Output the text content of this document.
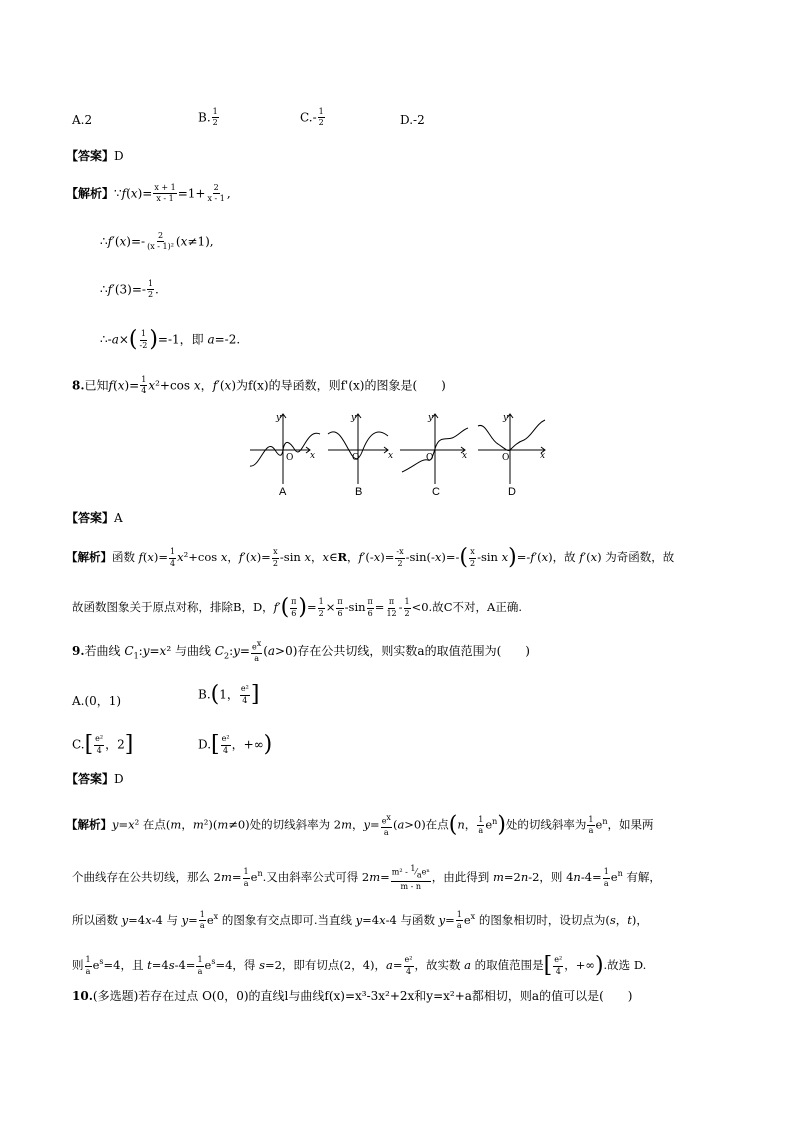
A.2	B. $\frac{1}{2}$	$C.- \frac{1}{2}$	D.-2
【答案】D
【解析】∵f(x)= $\frac{x + 1}{x - 1} =1+ \frac{2}{x - 1}$ ,
∴f′(x)=- $\frac{2}{\text{(x - 1)²}} (x\ne 1)$,
∴f′(3)=- $\frac{1}{2}$ .
∴-a×( $\frac{1}{-2} )=-1$，即 a=-2.
8.已知$f(x)= \frac{1}{4} x^2+\cos$ x，f′(x)为f(x)的导函数，则f'(x)的图象是(　　)
y
x
O
y
x
O
y
x
O
y
x
O
A	B	C	D
【答案】A
【解析】函数 $f(x)= \frac{1}{4} x^2+\cos$ x，$f'(x)= \frac{x}{2} -\sin$ x，x∈R，$f'(-x)= \frac{-x}{2} -\sin(-x)=-( \frac{x}{2} -\sin$ x)=-f′(x)，故 f′(x) 为奇函数，故
故函数图象关于原点对称，排除B，D，$f'( \frac{\pi}{6}$ )= $\frac{1}{2} \times \frac{\pi}{6} -\sin \frac{\pi}{6} = \frac{\pi}{12} - \frac{1}{2} <0$.故C不对，A正确.
9.若曲线 $C_1:y=x^2$ 与曲线 $C_2:y= \frac{e^x}{a} (a>0)$存在公共切线，则实数a的取值范围为(　　)
A.(0，1)	B.(1， $\frac{\text{e²}}{4}$ ]
$C.[ \frac{\text{e²}}{4}$ ，2]	$D.[ \frac{\text{e²}}{4}$ ，+∞)
【答案】D
【解析】y=x² 在点(m，m²)(m≠0)处的切线斜率为 2m，$y= \frac{e^x}{a} (a>0)$在点(n， $\frac{1}{a} e^n$)处的切线斜率为 $\frac{1}{a} e^n$，如果两
个曲线存在公共切线，那么 $2m= \frac{1}{a} e^n$.又由斜率公式可得 $2m= m^2 - ^1⁄_ae^n$
m - n
，由此得到 m=2n-2，则 $4n-4= \frac{1}{a} e^n$ 有解，
所以函数 y=4x-4 与 $y= \frac{1}{a} e^x$ 的图象有交点即可.当直线 y=4x-4 与函数 $y= \frac{1}{a} e^x$ 的图象相切时，设切点为(s，t)，
则 $\frac{1}{a} e^s=4$，且 $t=4s-4= \frac{1}{a} e^s=4$，得 s=2，即有切点(2，4)，$a= \frac{\text{e²}}{4}$ ，故实数 a 的取值范围是[ $\frac{\text{e²}}{4}$ ，+∞).故选 D.
10.(多选题)若存在过点 O(0，0)的直线l与曲线f(x)=x³-3x²+2x和y=x²+a都相切，则a的值可以是(　　)
